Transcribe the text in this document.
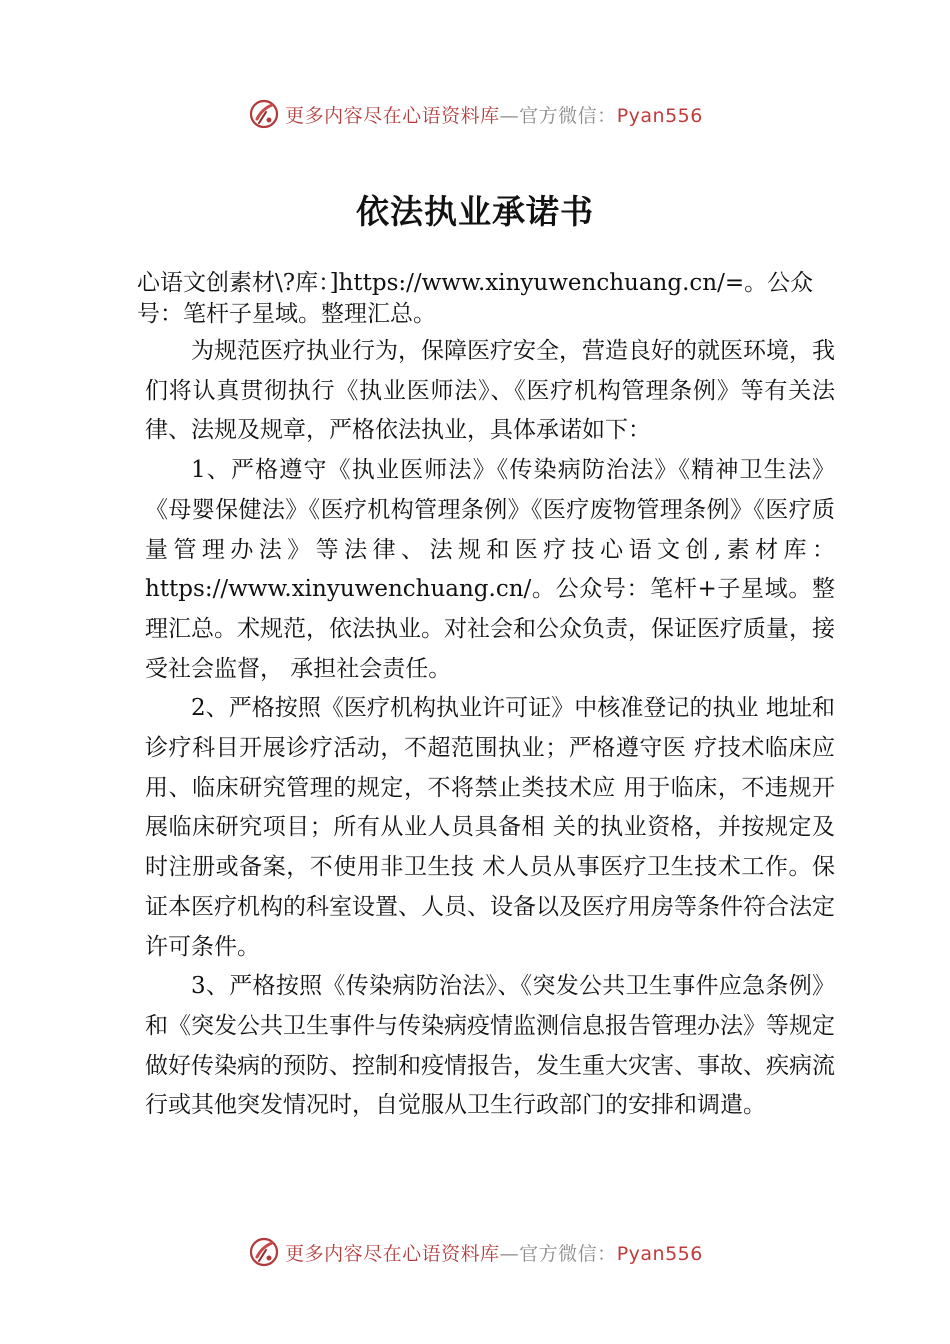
更多内容尽在心语资料库—官方微信：Pyan556
依法执业承诺书

心语文创素材\?库：]https://www.xinyuwenchuang.cn/=。公众号：笔杆子星域。整理汇总。

为规范医疗执业行为，保障医疗安全，营造良好的就医环境，我们将认真贯彻执行《执业医师法》、《医疗机构管理条例》等有关法律、法规及规章，严格依法执业，具体承诺如下：

1、严格遵守《执业医师法》《传染病防治法》《精神卫生法》《母婴保健法》《医疗机构管理条例》《医疗废物管理条例》《医疗质量管理办法》等法律、法规和医疗技心语文创,素材库：https://www.xinyuwenchuang.cn/。公众号：笔杆+子星域。整理汇总。术规范，依法执业。对社会和公众负责，保证医疗质量，接受社会监督， 承担社会责任。

2、严格按照《医疗机构执业许可证》中核准登记的执业 地址和诊疗科目开展诊疗活动，不超范围执业；严格遵守医 疗技术临床应用、临床研究管理的规定，不将禁止类技术应 用于临床，不违规开展临床研究项目；所有从业人员具备相 关的执业资格，并按规定及时注册或备案，不使用非卫生技 术人员从事医疗卫生技术工作。保证本医疗机构的科室设置、人员、设备以及医疗用房等条件符合法定许可条件。

3、严格按照《传染病防治法》、《突发公共卫生事件应急条例》和《突发公共卫生事件与传染病疫情监测信息报告管理办法》等规定做好传染病的预防、控制和疫情报告，发生重大灾害、事故、疾病流行或其他突发情况时，自觉服从卫生行政部门的安排和调遣。

更多内容尽在心语资料库—官方微信：Pyan556
